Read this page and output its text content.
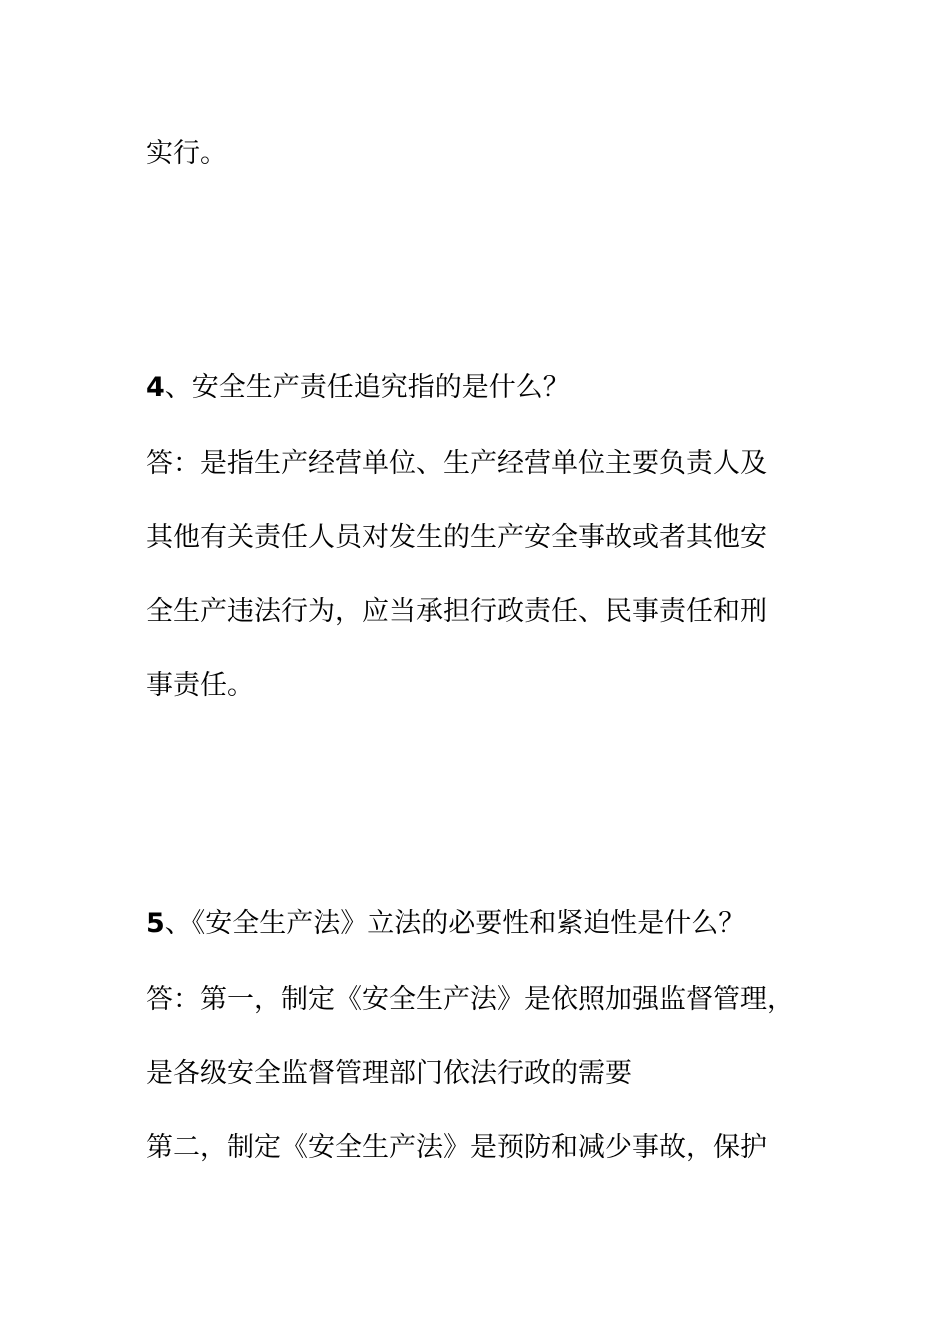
实行。

4、安全生产责任追究指的是什么？

答：是指生产经营单位、生产经营单位主要负责人及

其他有关责任人员对发生的生产安全事故或者其他安

全生产违法行为，应当承担行政责任、民事责任和刑

事责任。

5、《安全生产法》立法的必要性和紧迫性是什么？

答：第一，制定《安全生产法》是依照加强监督管理，

是各级安全监督管理部门依法行政的需要

第二，制定《安全生产法》是预防和减少事故，保护
